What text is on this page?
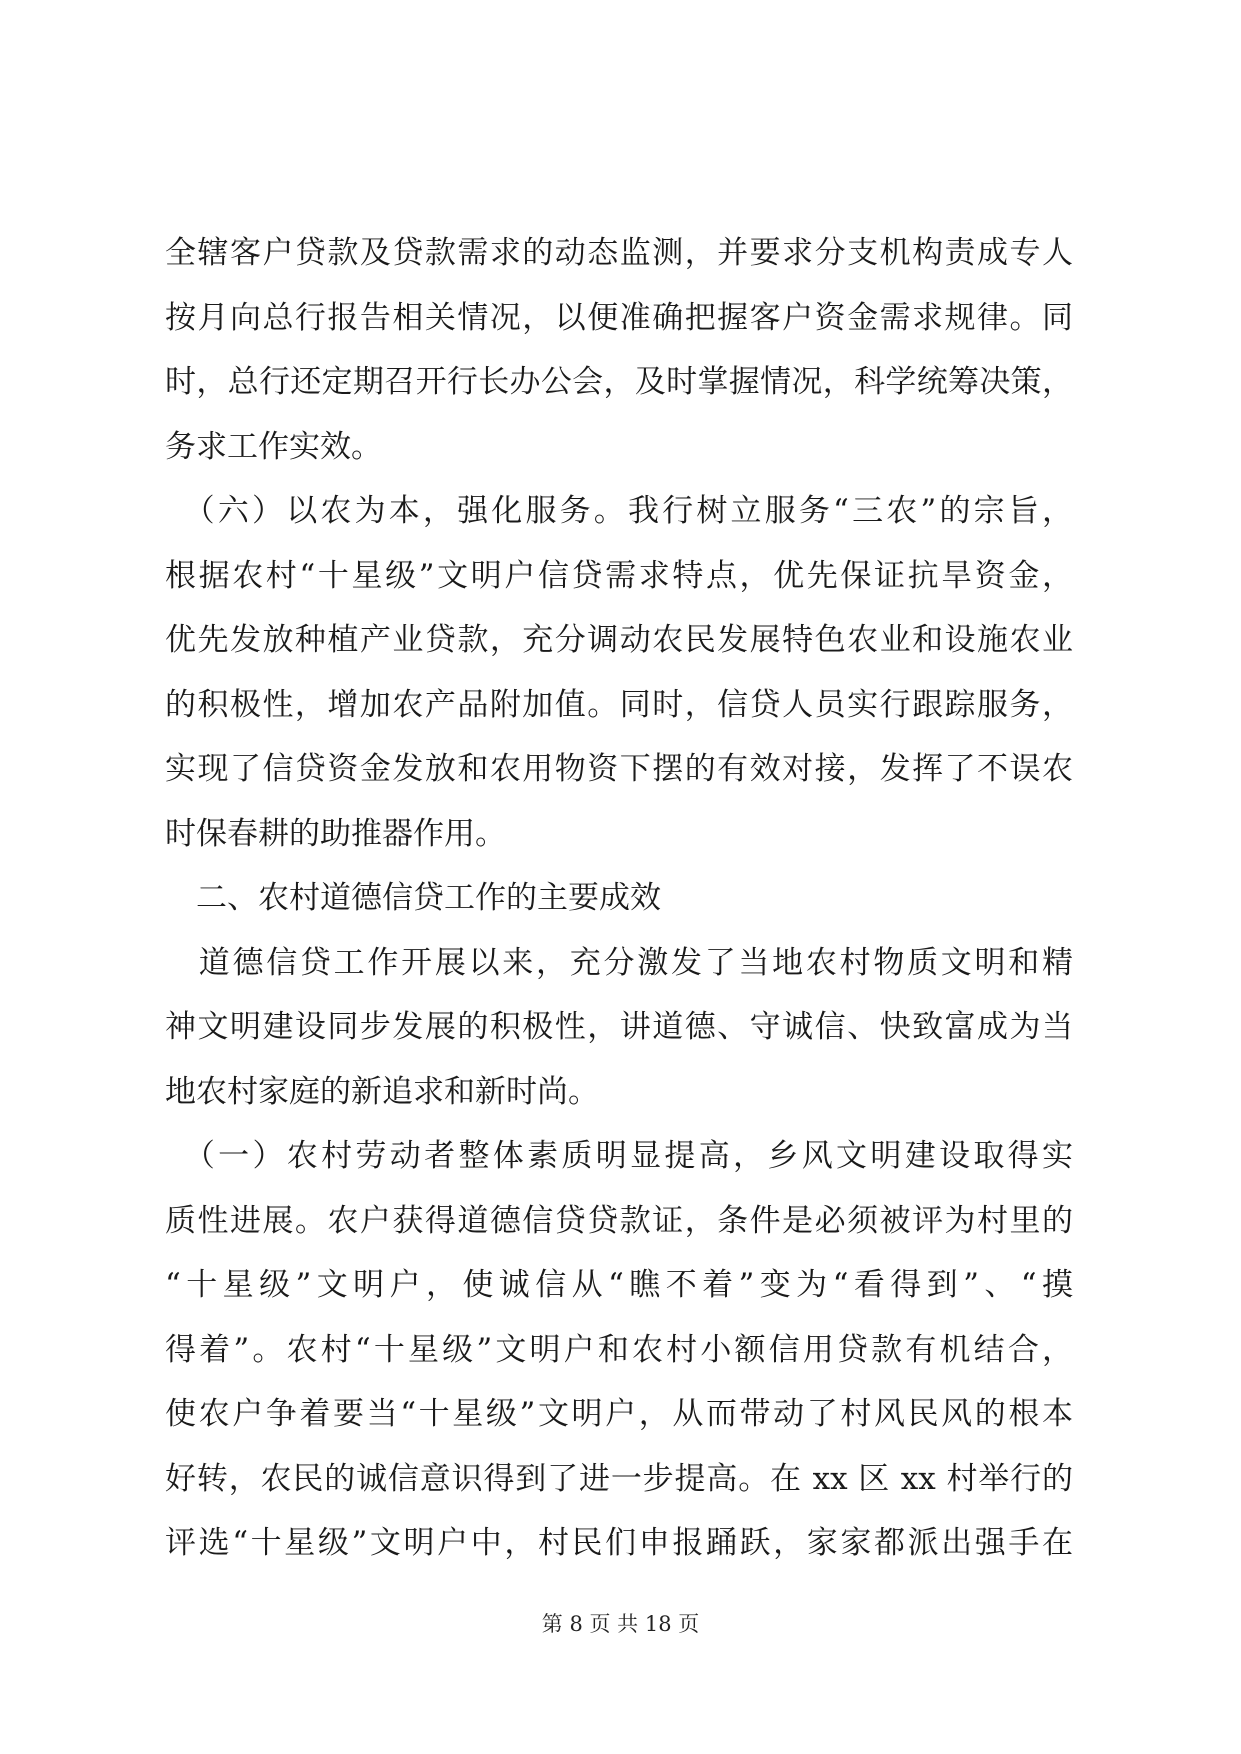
全辖客户贷款及贷款需求的动态监测，并要求分支机构责成专人
按月向总行报告相关情况，以便准确把握客户资金需求规律。同
时，总行还定期召开行长办公会，及时掌握情况，科学统筹决策，
务求工作实效。
　（六）以农为本，强化服务。我行树立服务“三农”的宗旨，
根据农村“十星级”文明户信贷需求特点，优先保证抗旱资金，
优先发放种植产业贷款，充分调动农民发展特色农业和设施农业
的积极性，增加农产品附加值。同时，信贷人员实行跟踪服务，
实现了信贷资金发放和农用物资下摆的有效对接，发挥了不误农
时保春耕的助推器作用。
　二、农村道德信贷工作的主要成效
　道德信贷工作开展以来，充分激发了当地农村物质文明和精
神文明建设同步发展的积极性，讲道德、守诚信、快致富成为当
地农村家庭的新追求和新时尚。
　（一）农村劳动者整体素质明显提高，乡风文明建设取得实
质性进展。农户获得道德信贷贷款证，条件是必须被评为村里的
“十星级”文明户，使诚信从“瞧不着”变为“看得到”、“摸
得着”。农村“十星级”文明户和农村小额信用贷款有机结合，
使农户争着要当“十星级”文明户，从而带动了村风民风的根本
好转，农民的诚信意识得到了进一步提高。在 xx 区 xx 村举行的
评选“十星级”文明户中，村民们申报踊跃，家家都派出强手在
第 8 页 共 18 页
